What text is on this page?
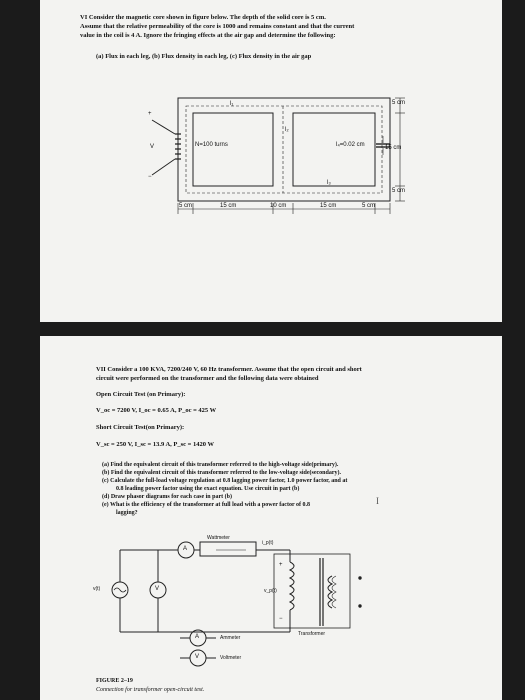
VI Consider the magnetic core shown in figure below. The depth of the solid core is 5 cm.
Assume that the relative permeability of the core is 1000 and remains constant and that the current
value in the coil is 4 A. Ignore the fringing effects at the air gap and determine the following:
(a) Flux in each leg, (b) Flux density in each leg, (c) Flux density in the air gap
l₁
l₂
l₃
N=100 turns	l₄=0.02 cm
+
V
−
5 cm
15 cm
5 cm
5 cm	15 cm	10 cm	15 cm	5 cm
VII Consider a 100 KVA, 7200/240 V, 60 Hz transformer. Assume that the open circuit and short
circuit were performed on the transformer and the following data were obtained
Open Circuit Test (on Primary):
V_oc = 7200 V, I_oc = 0.65 A, P_oc = 425 W
Short Circuit Test(on Primary):
V_sc = 250 V, I_sc = 13.9 A, P_sc = 1420 W
(a) Find the equivalent circuit of this transformer referred to the high-voltage side(primary).
(b) Find the equivalent circuit of this transformer referred to the low-voltage side(secondary).
(c) Calculate the full-load voltage regulation at 0.8 lagging power factor, 1.0 power factor, and at
0.8 leading power factor using the exact equation. Use circuit in part (b)
(d) Draw phasor diagrams for each case in part (b)
(e) What is the efficiency of the transformer at full load with a power factor of 0.8
lagging?
I
Wattmeter
i_p(t)
v(t)	v_p(t)
A
V
+
−
Transformer
A
V
Ammeter
Voltmeter
FIGURE 2–19
Connection for transformer open-circuit test.
